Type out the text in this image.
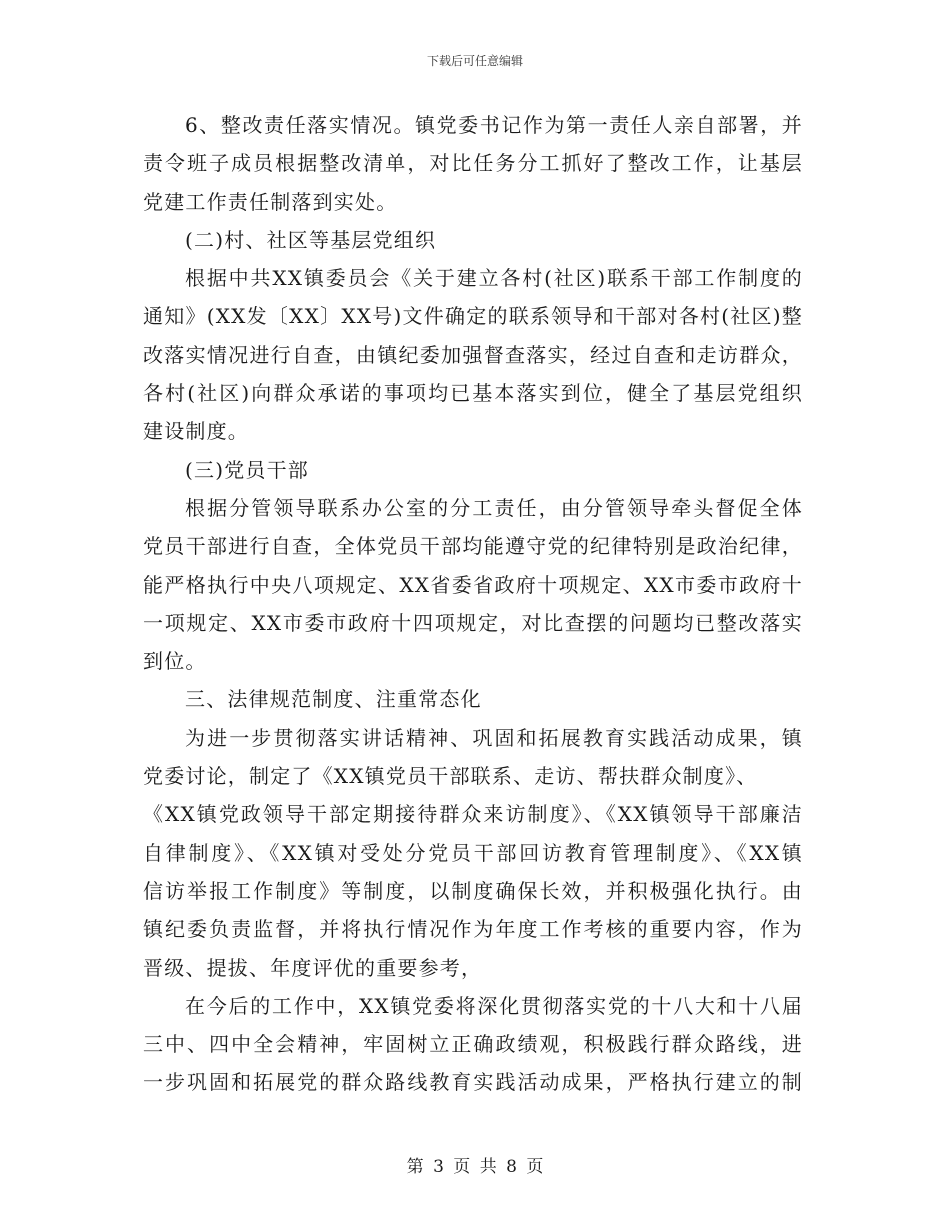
下载后可任意编辑
6、整改责任落实情况。镇党委书记作为第一责任人亲自部署，并
责令班子成员根据整改清单，对比任务分工抓好了整改工作，让基层
党建工作责任制落到实处。
(二)村、社区等基层党组织
根据中共XX镇委员会《关于建立各村(社区)联系干部工作制度的
通知》(XX发〔XX〕XX号)文件确定的联系领导和干部对各村(社区)整
改落实情况进行自查，由镇纪委加强督查落实，经过自查和走访群众，
各村(社区)向群众承诺的事项均已基本落实到位，健全了基层党组织
建设制度。
(三)党员干部
根据分管领导联系办公室的分工责任，由分管领导牵头督促全体
党员干部进行自查，全体党员干部均能遵守党的纪律特别是政治纪律，
能严格执行中央八项规定、XX省委省政府十项规定、XX市委市政府十
一项规定、XX市委市政府十四项规定，对比查摆的问题均已整改落实
到位。
三、法律规范制度、注重常态化
为进一步贯彻落实讲话精神、巩固和拓展教育实践活动成果，镇
党委讨论，制定了《XX镇党员干部联系、走访、帮扶群众制度》、
《XX镇党政领导干部定期接待群众来访制度》、《XX镇领导干部廉洁
自律制度》、《XX镇对受处分党员干部回访教育管理制度》、《XX镇
信访举报工作制度》等制度，以制度确保长效，并积极强化执行。由
镇纪委负责监督，并将执行情况作为年度工作考核的重要内容，作为
晋级、提拔、年度评优的重要参考，
在今后的工作中，XX镇党委将深化贯彻落实党的十八大和十八届
三中、四中全会精神，牢固树立正确政绩观，积极践行群众路线，进
一步巩固和拓展党的群众路线教育实践活动成果，严格执行建立的制
第 3 页 共 8 页
